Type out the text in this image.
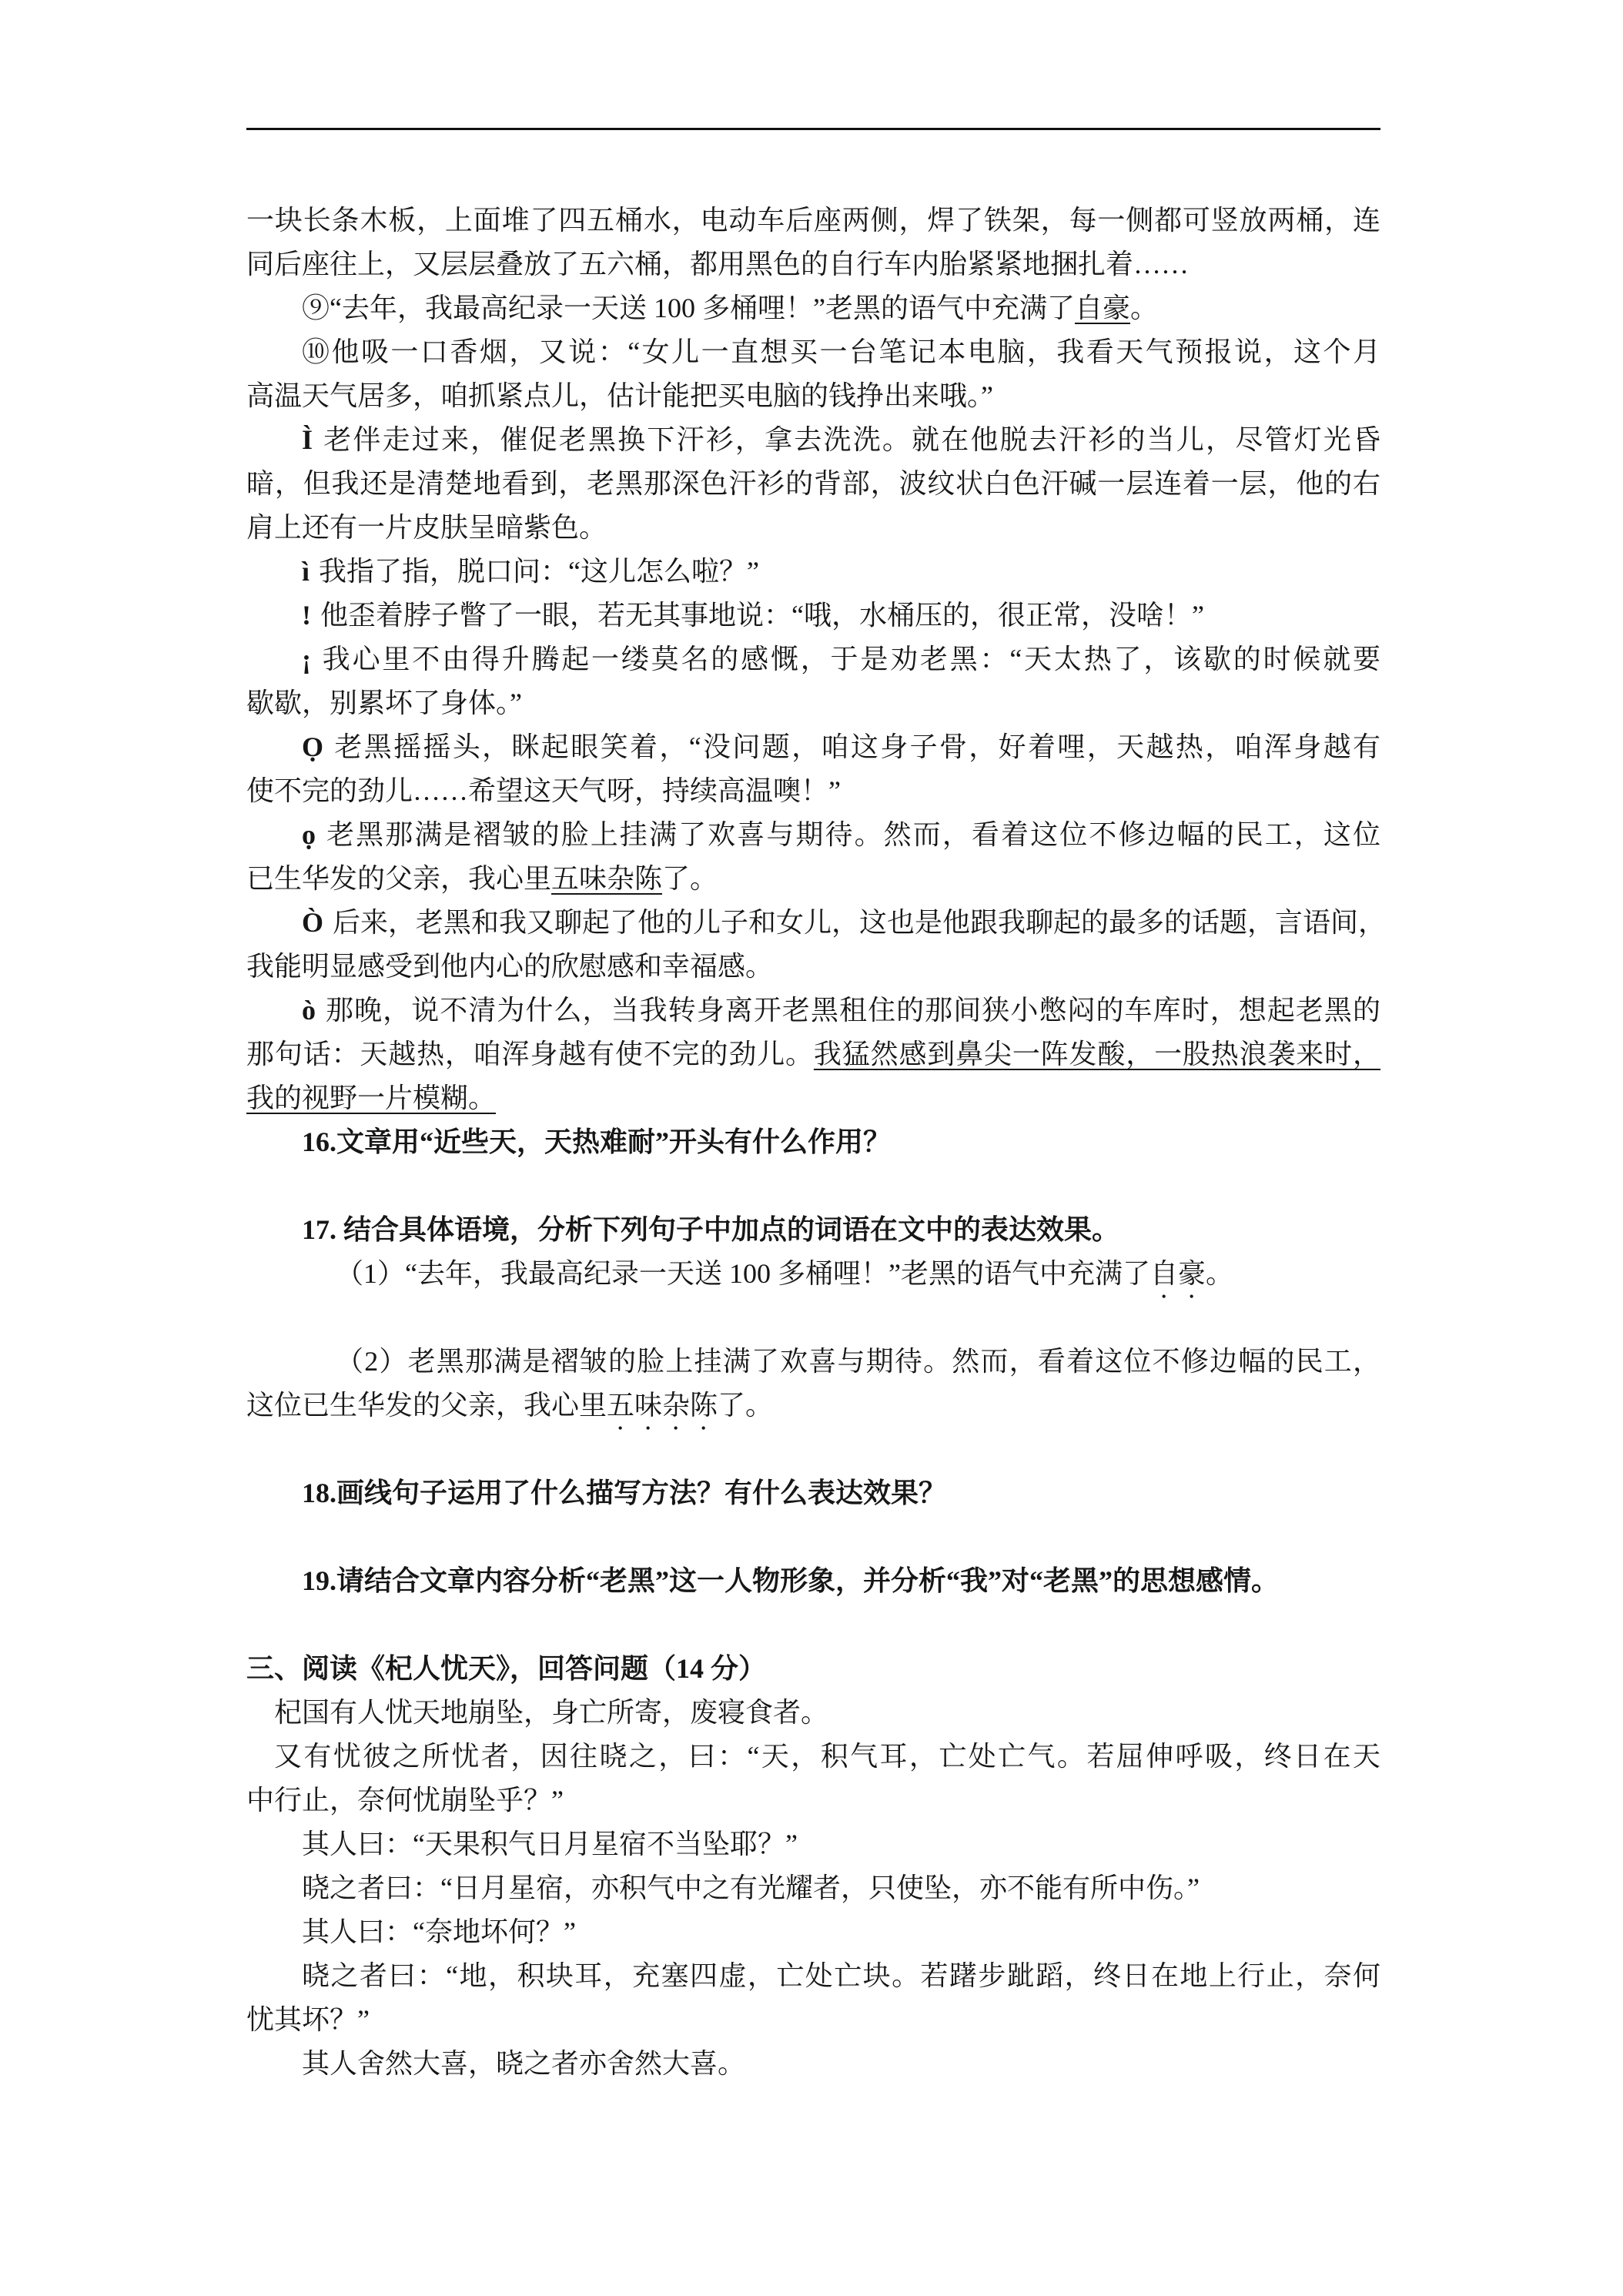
一块长条木板，上面堆了四五桶水，电动车后座两侧，焊了铁架，每一侧都可竖放两桶，连
同后座往上，又层层叠放了五六桶，都用黑色的自行车内胎紧紧地捆扎着……
⑨“去年，我最高纪录一天送 100 多桶哩！”老黑的语气中充满了自豪。
⑩他吸一口香烟，又说：“女儿一直想买一台笔记本电脑，我看天气预报说，这个月
高温天气居多，咱抓紧点儿，估计能把买电脑的钱挣出来哦。”
Ì 老伴走过来，催促老黑换下汗衫，拿去洗洗。就在他脱去汗衫的当儿，尽管灯光昏
暗，但我还是清楚地看到，老黑那深色汗衫的背部，波纹状白色汗碱一层连着一层，他的右
肩上还有一片皮肤呈暗紫色。
ì 我指了指，脱口问：“这儿怎么啦？”
! 他歪着脖子瞥了一眼，若无其事地说：“哦，水桶压的，很正常，没啥！”
¡ 我心里不由得升腾起一缕莫名的感慨，于是劝老黑：“天太热了，该歇的时候就要
歇歇，别累坏了身体。”
Ọ 老黑摇摇头，眯起眼笑着，“没问题，咱这身子骨，好着哩，天越热，咱浑身越有
使不完的劲儿……希望这天气呀，持续高温噢！”
ọ 老黑那满是褶皱的脸上挂满了欢喜与期待。然而，看着这位不修边幅的民工，这位
已生华发的父亲，我心里五味杂陈了。
Ò 后来，老黑和我又聊起了他的儿子和女儿，这也是他跟我聊起的最多的话题，言语间，
我能明显感受到他内心的欣慰感和幸福感。
ò 那晚，说不清为什么，当我转身离开老黑租住的那间狭小憋闷的车库时，想起老黑的
那句话：天越热，咱浑身越有使不完的劲儿。我猛然感到鼻尖一阵发酸，一股热浪袭来时，
我的视野一片模糊。
16.文章用“近些天，天热难耐”开头有什么作用？
17. 结合具体语境，分析下列句子中加点的词语在文中的表达效果。
（1）“去年，我最高纪录一天送 100 多桶哩！”老黑的语气中充满了自豪。
（2）老黑那满是褶皱的脸上挂满了欢喜与期待。然而，看着这位不修边幅的民工，
这位已生华发的父亲，我心里五味杂陈了。
18.画线句子运用了什么描写方法？有什么表达效果？
19.请结合文章内容分析“老黑”这一人物形象，并分析“我”对“老黑”的思想感情。
三、阅读《杞人忧天》，回答问题（14 分）
杞国有人忧天地崩坠，身亡所寄，废寝食者。
又有忧彼之所忧者，因往晓之，曰：“天，积气耳，亡处亡气。若屈伸呼吸，终日在天
中行止，奈何忧崩坠乎？”
其人曰：“天果积气日月星宿不当坠耶？”
晓之者曰：“日月星宿，亦积气中之有光耀者，只使坠，亦不能有所中伤。”
其人曰：“奈地坏何？”
晓之者曰：“地，积块耳，充塞四虚，亡处亡块。若躇步跐蹈，终日在地上行止，奈何
忧其坏？”
其人舍然大喜，晓之者亦舍然大喜。
